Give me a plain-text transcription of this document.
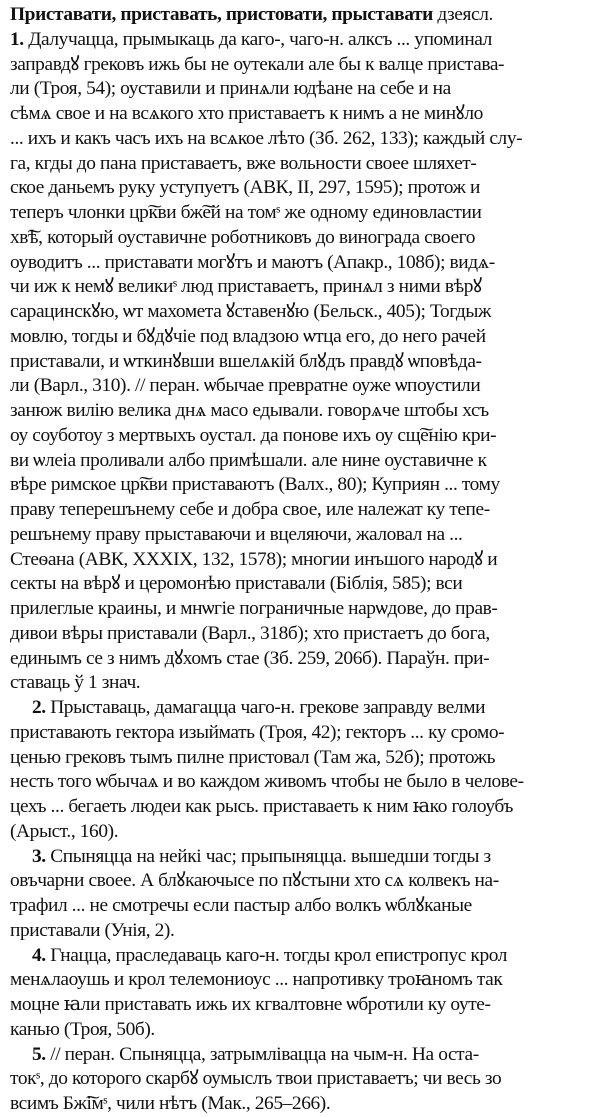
Приставати, приставать, пристовати, прыставати дзеясл.
1. Далучацца, прымыкаць да каго-, чаго-н. алксъ ... упоминал
заправдꙋ грековъ ижь бы не оутекали але бы к валце пристава-
ли (Троя, 54); оуставили и принѧли юдѣане на себе и на
сѣмѧ свое и на всѧкого хто приставаетъ к нимъ а не минꙋло
... ихъ и какъ часъ ихъ на всѧкое лѣто (Зб. 262, 133); каждый слу-
га, кгды до пана приставаетъ, вже вольности своее шляхет-
ское даньемъ руку уступуетъ (АВК, II, 297, 1595); протож и
теперъ члонки цр͠кви бж͠ей на томˢ же одному единовластии
хв͠ѣ, который оуставичне роботниковъ до винограда своего
оуводитъ ... приставати могꙋтъ и маютъ (Апакр., 108б); видѧ-
чи иж к немꙋ великиˢ люд приставаетъ, принѧл з ними вѣрꙋ
сарацинскꙋю, ѡт махомета ꙋставенꙋю (Бельск., 405); Тогдыж
мовлю, тогды и бꙋдꙋчіе под владзою ѡтца его, до него рачей
приставали, и ѡткинꙋвши вшелѧкій блꙋдъ правдꙋ ѡповѣда-
ли (Варл., 310). // перан. ѡбычае превратне оуже ѡпоустили
занюж вилiю велика днѧ масо едывали. говорѧче штобы хсъ
оу соуботоу з мертвыхъ оустал. да понове ихъ оу сщ͠енiю кри-
ви ѡлеiа проливали албо примѣшали. але нине оуставичне к
вѣре римское цр͠кви приставаютъ (Валх., 80); Куприян ... тому
праву теперешънему себе и добра свое, иле належат ку тепе-
решънему праву прыставаючи и вцеляючи, жаловал на ...
Стеѳана (АВК, XXXIX, 132, 1578); многии инъшого народꙋ и
секты на вѣрꙋ и церомонѣю приставали (Біблія, 585); вси
прилеглые краины, и мнѡгіе пограничные нарѡдове, до прав-
дивои вѣры приставали (Варл., 318б); хто пристаетъ до бога,
единымъ се з нимъ дꙋхомъ стае (Зб. 259, 206б). Параўн. при-
ставаць ў 1 знач.

2. Прыставаць, дамагацца чаго-н. грекове заправду велми
приставають гектора изыймать (Троя, 42); гекторъ ... ку сромо-
ценью грековъ тымъ пилне пристовал (Там жа, 52б); протожь
несть того ѡбычаѧ и во каждом живомъ чтобы не было в челове-
цехъ ... бегаеть людеи как рысь. приставаеть к ним ꙗко голоубъ
(Арыст., 160).

3. Спыняцца на нейкі час; прыпыняцца. вышедши тогды з
овъчарни своее. А блꙋкаючысе по пꙋстыни хто сѧ колвекъ на-
трафил ... не смотречы если пастыр албо волкъ ѡблꙋканые
приставали (Унія, 2).

4. Гнацца, праследаваць каго-н. тогды крол епистропус крол
менѧлаоушь и крол телемониоус ... напротивку троꙗномъ так
моцне ꙗли приставать ижь их кгвалтовне ѡбротили ку оуте-
канью (Троя, 50б).

5. // перан. Спыняцца, затрымлівацца на чым-н. На оста-
токˢ, до которого скарбꙋ оумыслъ твои приставаетъ; чи весь зо
всимъ Бж͠імˢ, чили нѣтъ (Мак., 265–266).
